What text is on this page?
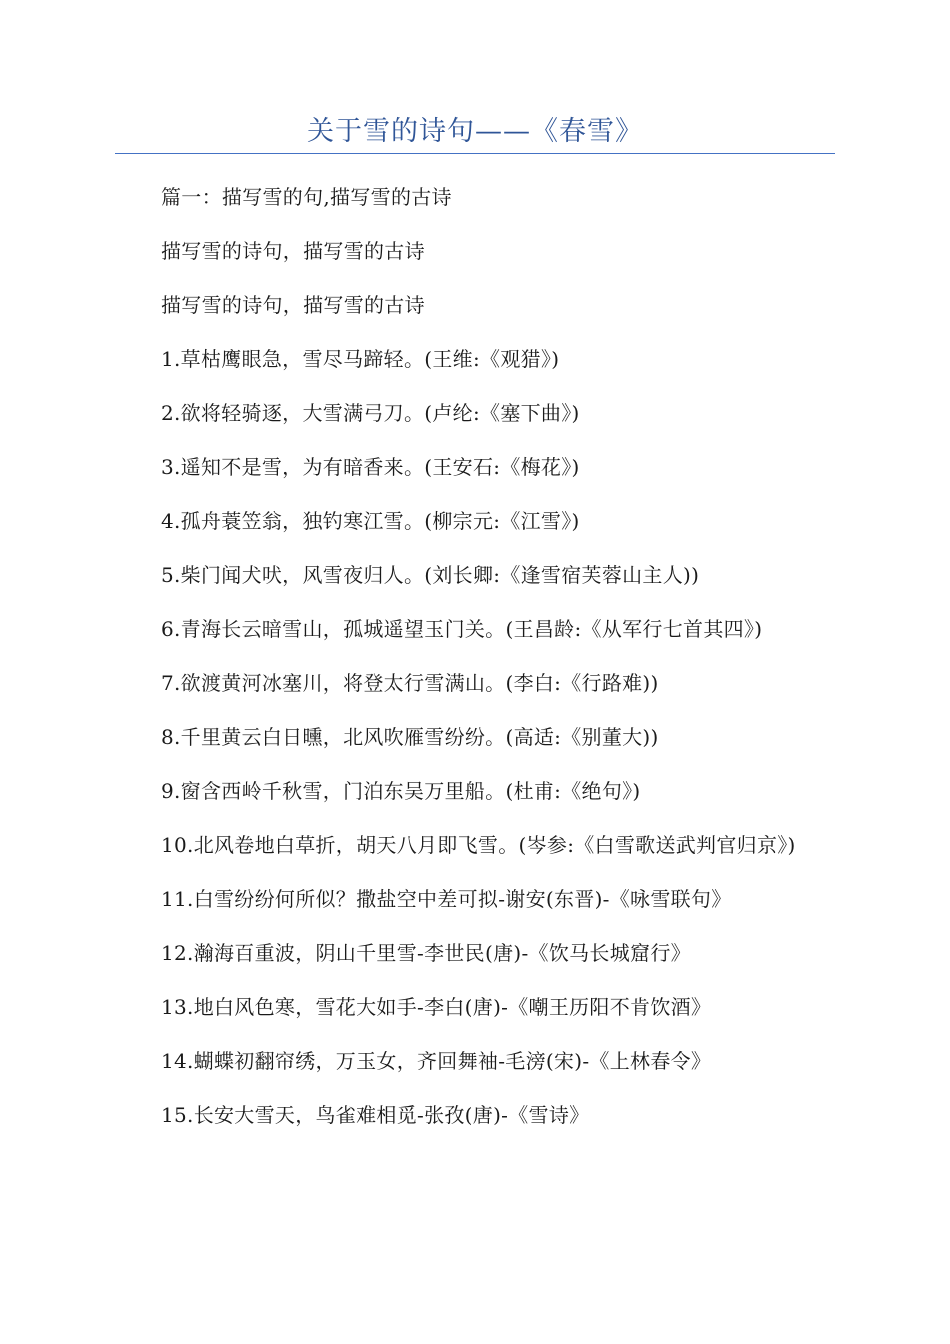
关于雪的诗句——《春雪》

篇一：描写雪的句,描写雪的古诗

描写雪的诗句，描写雪的古诗

描写雪的诗句，描写雪的古诗

1.草枯鹰眼急，雪尽马蹄轻。(王维:《观猎》)

2.欲将轻骑逐，大雪满弓刀。(卢纶:《塞下曲》)

3.遥知不是雪，为有暗香来。(王安石:《梅花》)

4.孤舟蓑笠翁，独钓寒江雪。(柳宗元:《江雪》)

5.柴门闻犬吠，风雪夜归人。(刘长卿:《逢雪宿芙蓉山主人))

6.青海长云暗雪山，孤城遥望玉门关。(王昌龄:《从军行七首其四》)

7.欲渡黄河冰塞川，将登太行雪满山。(李白:《行路难))

8.千里黄云白日曛，北风吹雁雪纷纷。(高适:《别董大))

9.窗含西岭千秋雪，门泊东吴万里船。(杜甫:《绝句》)

10.北风卷地白草折，胡天八月即飞雪。(岑参:《白雪歌送武判官归京》)

11.白雪纷纷何所似？撒盐空中差可拟-谢安(东晋)-《咏雪联句》

12.瀚海百重波，阴山千里雪-李世民(唐)-《饮马长城窟行》

13.地白风色寒，雪花大如手-李白(唐)-《嘲王历阳不肯饮酒》

14.蝴蝶初翻帘绣，万玉女，齐回舞袖-毛滂(宋)-《上林春令》

15.长安大雪天，鸟雀难相觅-张孜(唐)-《雪诗》
